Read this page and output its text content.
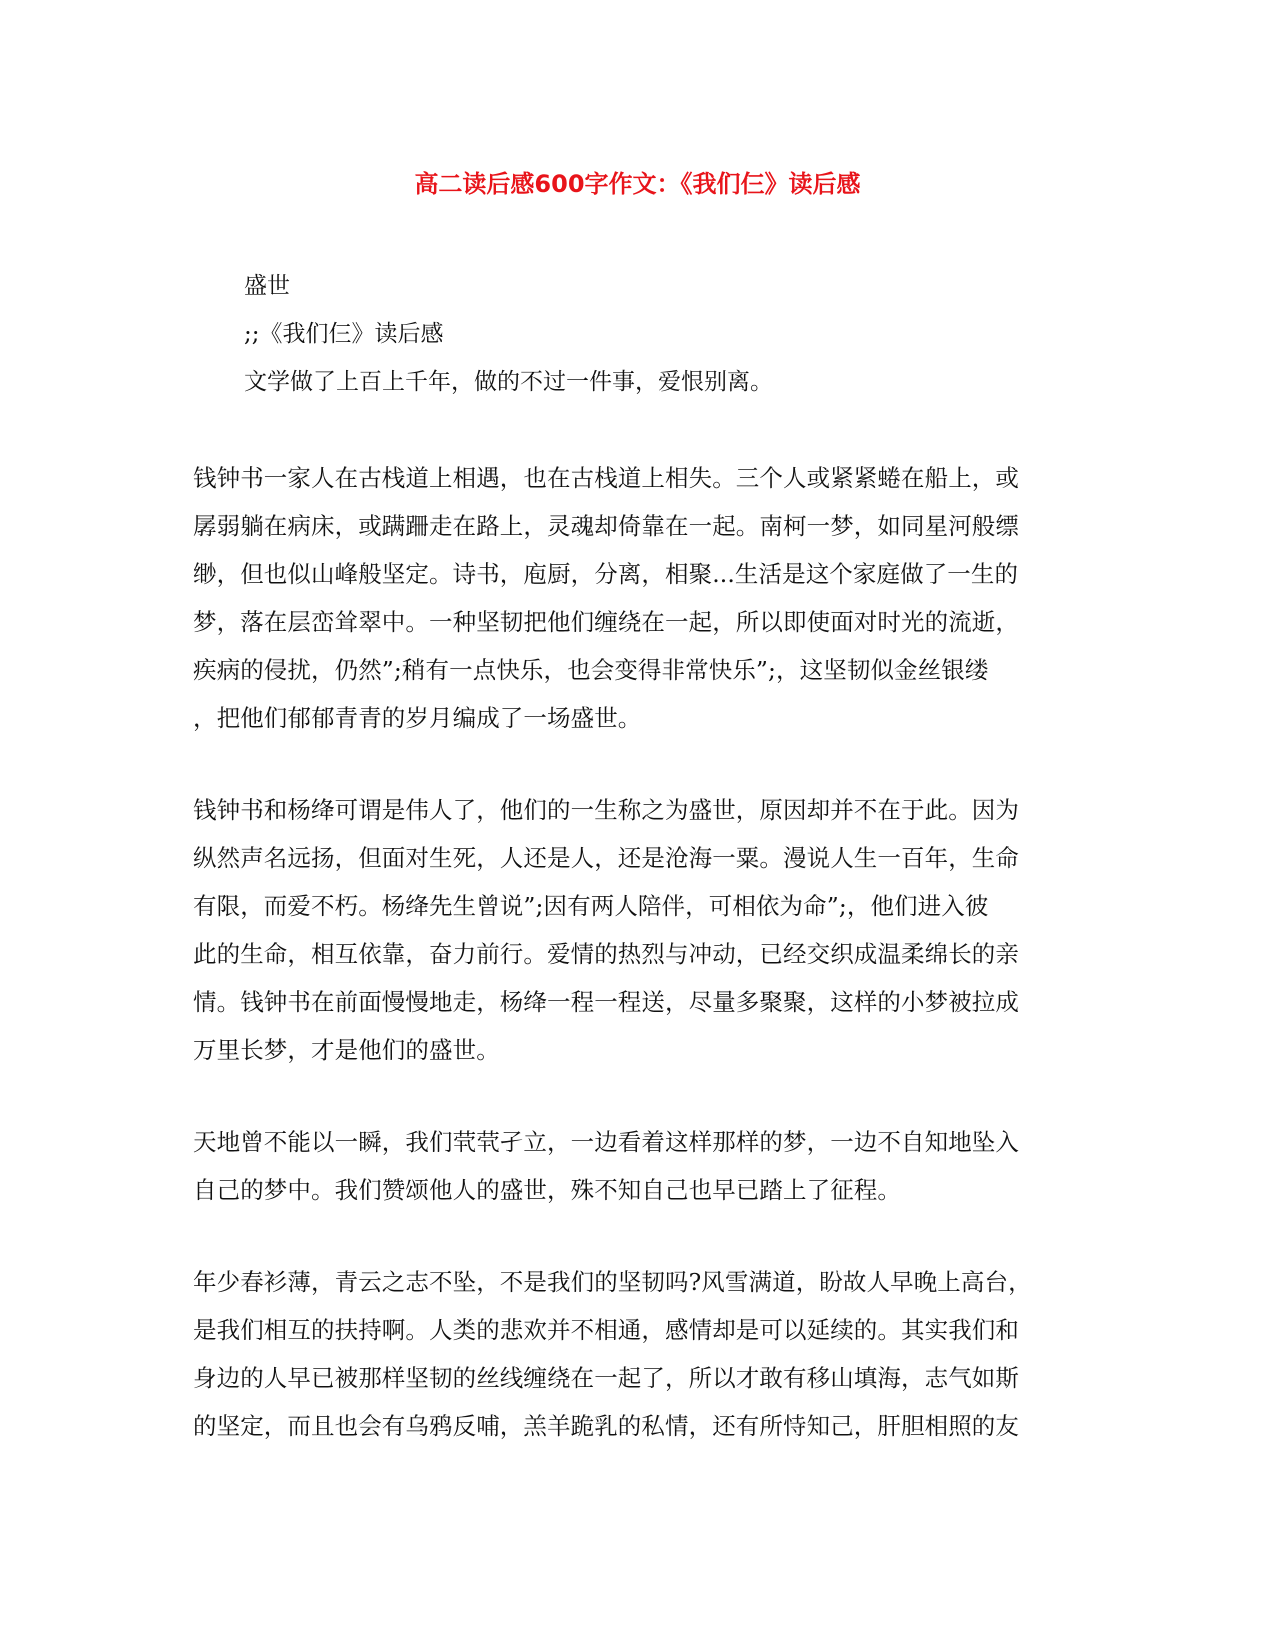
高二读后感600字作文：《我们仨》读后感

盛世

;;《我们仨》读后感

文学做了上百上千年，做的不过一件事，爱恨别离。

钱钟书一家人在古栈道上相遇，也在古栈道上相失。三个人或紧紧蜷在船上，或
孱弱躺在病床，或蹒跚走在路上，灵魂却倚靠在一起。南柯一梦，如同星河般缥
缈，但也似山峰般坚定。诗书，庖厨，分离，相聚...生活是这个家庭做了一生的
梦，落在层峦耸翠中。一种坚韧把他们缠绕在一起，所以即使面对时光的流逝，
疾病的侵扰，仍然”;稍有一点快乐，也会变得非常快乐”;，这坚韧似金丝银缕
，把他们郁郁青青的岁月编成了一场盛世。
钱钟书和杨绛可谓是伟人了，他们的一生称之为盛世，原因却并不在于此。因为
纵然声名远扬，但面对生死，人还是人，还是沧海一粟。漫说人生一百年，生命
有限，而爱不朽。杨绛先生曾说”;因有两人陪伴，可相依为命”;，他们进入彼
此的生命，相互依靠，奋力前行。爱情的热烈与冲动，已经交织成温柔绵长的亲
情。钱钟书在前面慢慢地走，杨绛一程一程送，尽量多聚聚，这样的小梦被拉成
万里长梦，才是他们的盛世。
天地曾不能以一瞬，我们茕茕孑立，一边看着这样那样的梦，一边不自知地坠入
自己的梦中。我们赞颂他人的盛世，殊不知自己也早已踏上了征程。
年少春衫薄，青云之志不坠，不是我们的坚韧吗?风雪满道，盼故人早晚上高台，
是我们相互的扶持啊。人类的悲欢并不相通，感情却是可以延续的。其实我们和
身边的人早已被那样坚韧的丝线缠绕在一起了，所以才敢有移山填海，志气如斯
的坚定，而且也会有乌鸦反哺，羔羊跪乳的私情，还有所恃知己，肝胆相照的友
